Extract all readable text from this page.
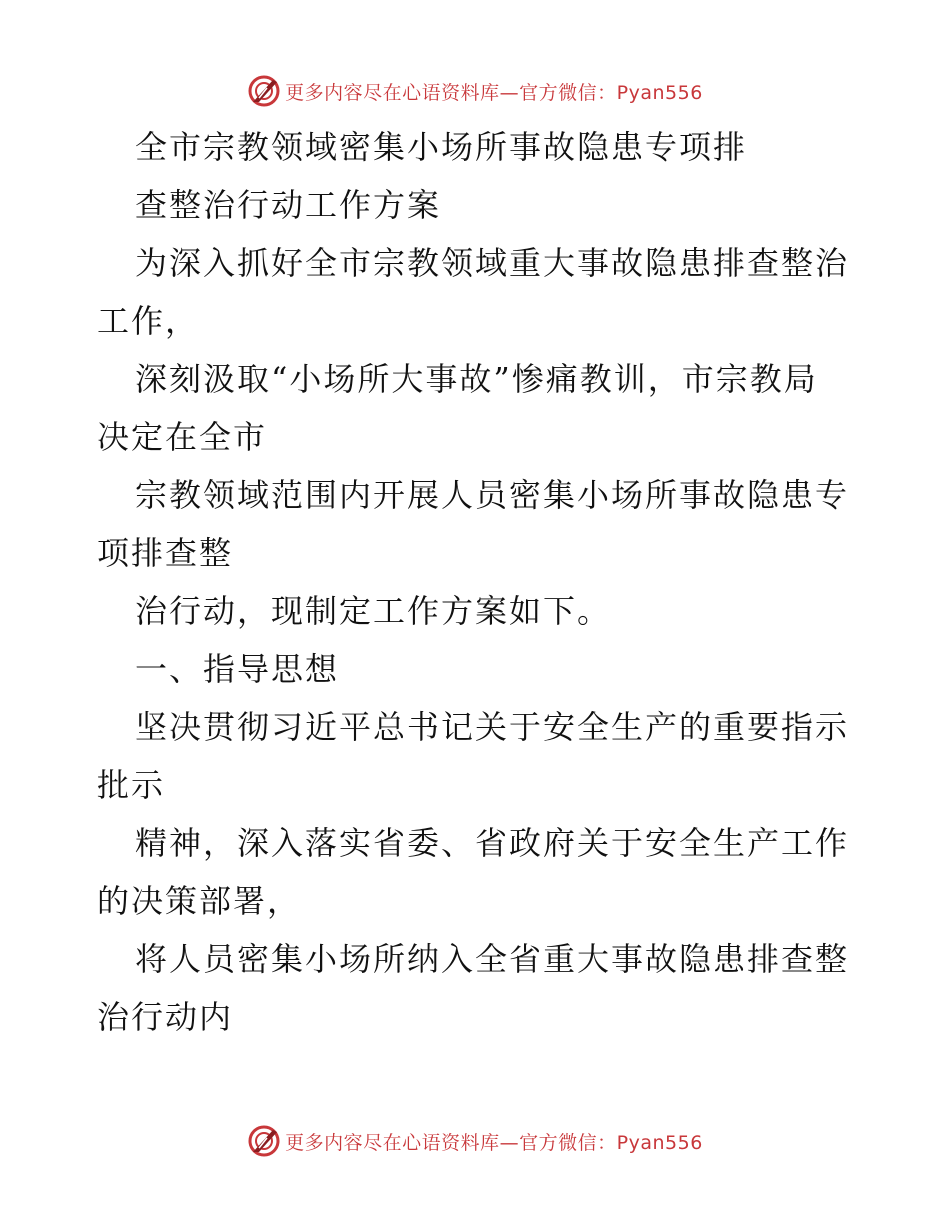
更多内容尽在心语资料库—官方微信：Pyan556
全市宗教领域密集小场所事故隐患专项排
查整治行动工作方案
为深入抓好全市宗教领域重大事故隐患排查整治
工作，
深刻汲取“小场所大事故”惨痛教训，市宗教局
决定在全市
宗教领域范围内开展人员密集小场所事故隐患专
项排查整
治行动，现制定工作方案如下。
一、指导思想
坚决贯彻习近平总书记关于安全生产的重要指示
批示
精神，深入落实省委、省政府关于安全生产工作
的决策部署，
将人员密集小场所纳入全省重大事故隐患排查整
治行动内
更多内容尽在心语资料库—官方微信：Pyan556
